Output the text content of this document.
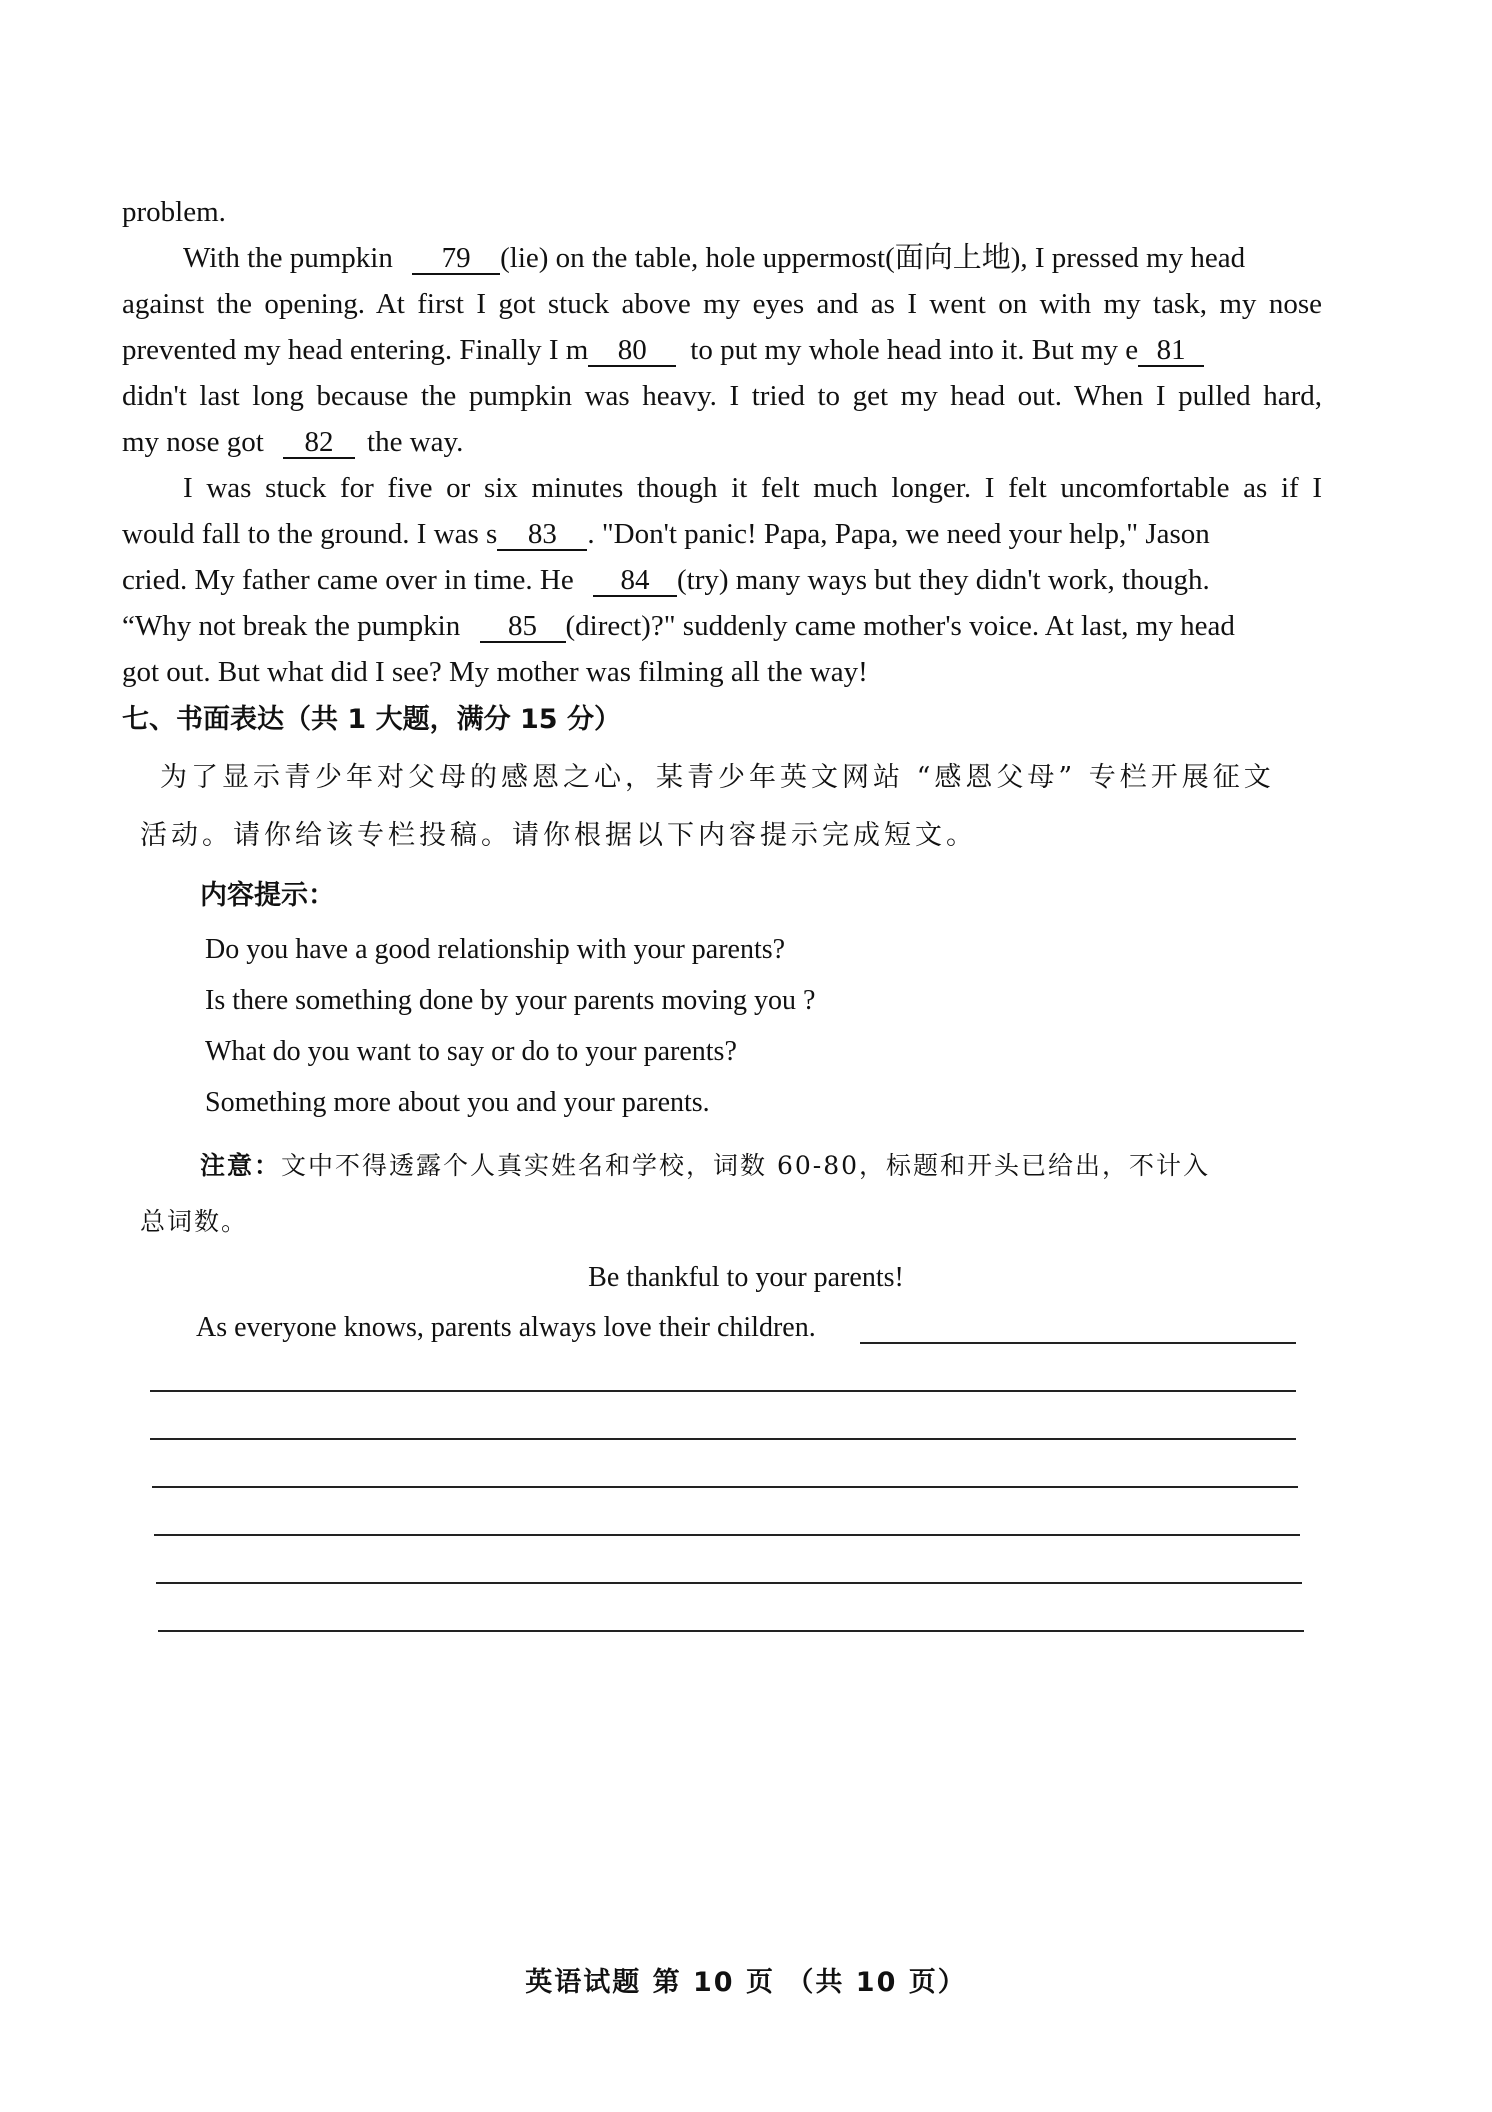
problem.
With the pumpkin 79 (lie) on the table, hole uppermost(面向上地), I pressed my head
against the opening. At first I got stuck above my eyes and as I went on with my task, my nose
prevented my head entering. Finally I m 80 to put my whole head into it. But my e 81
didn't last long because the pumpkin was heavy. I tried to get my head out. When I pulled hard,
my nose got 82 the way.
I was stuck for five or six minutes though it felt much longer. I felt uncomfortable as if I
would fall to the ground. I was s 83 . "Don't panic! Papa, Papa, we need your help," Jason
cried. My father came over in time. He 84 (try) many ways but they didn't work, though.
“Why not break the pumpkin 85 (direct)?" suddenly came mother's voice. At last, my head
got out. But what did I see? My mother was filming all the way!
七、书面表达（共 1 大题，满分 15 分）
为了显示青少年对父母的感恩之心，某青少年英文网站 “感恩父母” 专栏开展征文
活动。请你给该专栏投稿。请你根据以下内容提示完成短文。
内容提示：
Do you have a good relationship with your parents?
Is there something done by your parents moving you ?
What do you want to say or do to your parents?
Something more about you and your parents.
注意：文中不得透露个人真实姓名和学校，词数 60-80，标题和开头已给出，不计入
总词数。
Be thankful to your parents!
As everyone knows, parents always love their children.
英语试题 第 10 页 （共 10 页）
